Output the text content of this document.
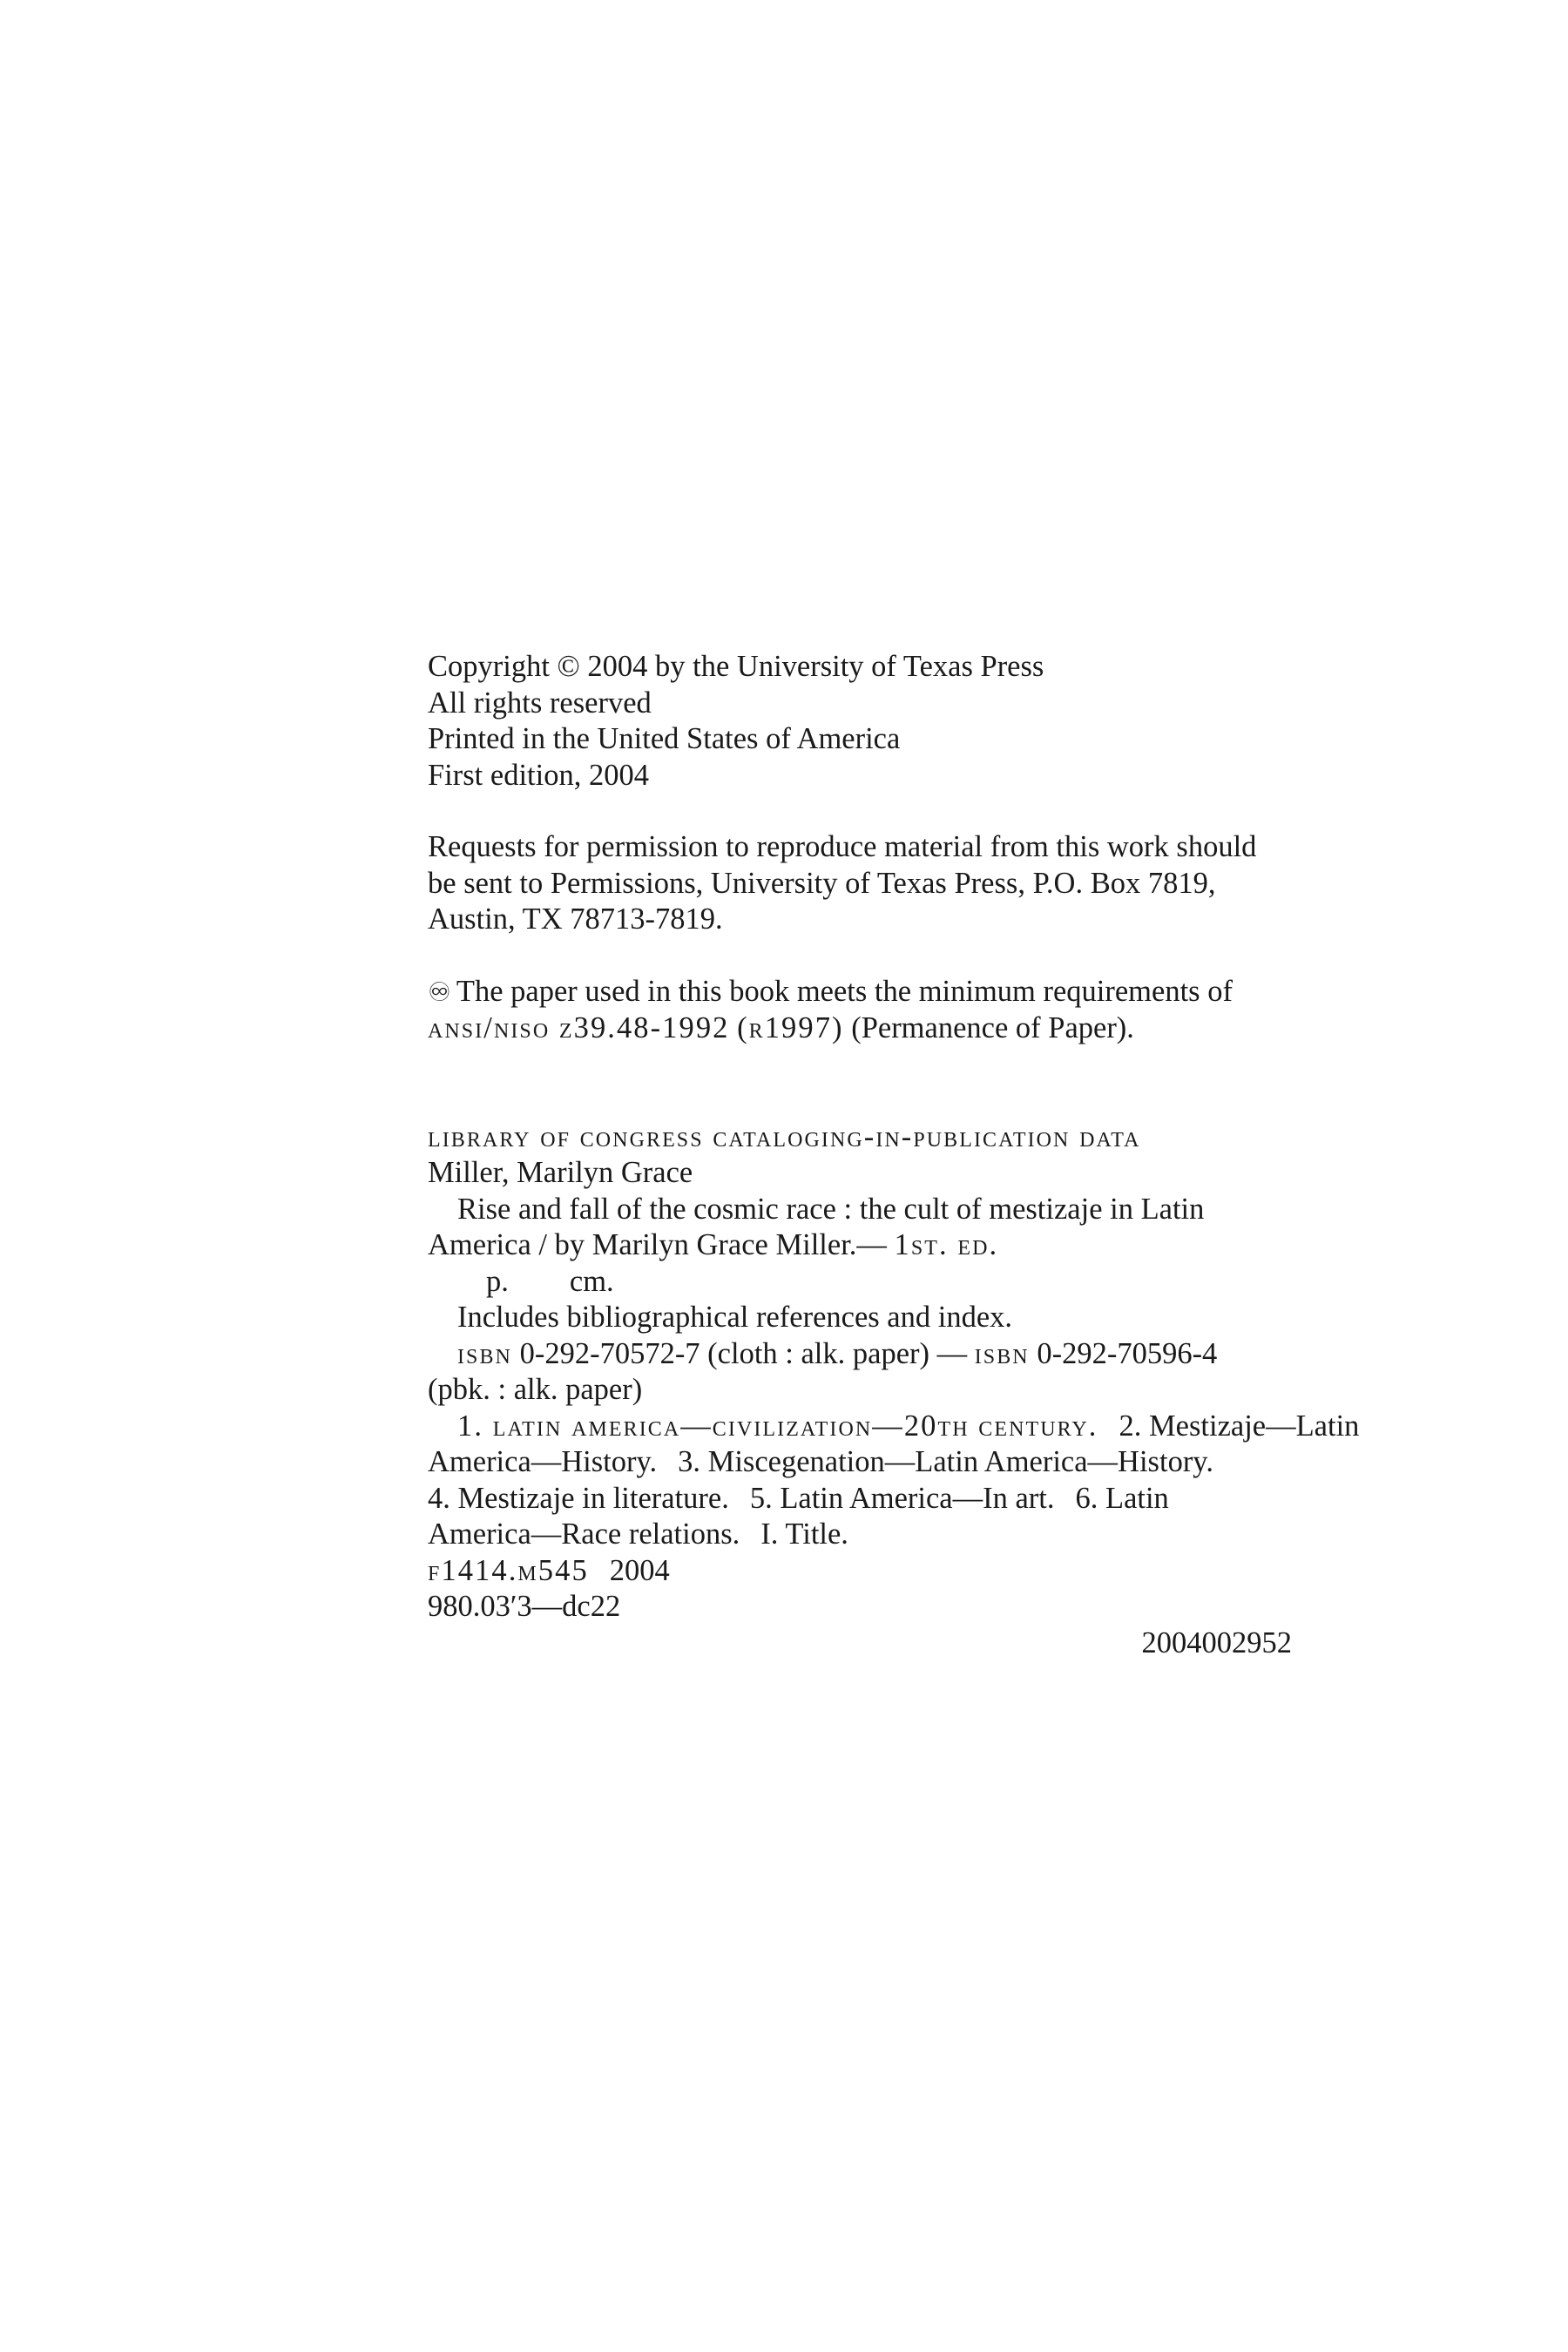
Copyright © 2004 by the University of Texas Press
All rights reserved
Printed in the United States of America
First edition, 2004
Requests for permission to reproduce material from this work should
be sent to Permissions, University of Texas Press, P.O. Box 7819,
Austin, TX 78713-7819.
♾ The paper used in this book meets the minimum requirements of
ansi/niso z39.48-1992 (r1997) (Permanence of Paper).
library of congress cataloging-in-publication data
Miller, Marilyn Grace
Rise and fall of the cosmic race : the cult of mestizaje in Latin
America / by Marilyn Grace Miller.— 1st. ed.
p. cm.
Includes bibliographical references and index.
isbn 0-292-70572-7 (cloth : alk. paper) — isbn 0-292-70596-4
(pbk. : alk. paper)
1. latin america—civilization—20th century. 2. Mestizaje—Latin
America—History. 3. Miscegenation—Latin America—History.
4. Mestizaje in literature. 5. Latin America—In art. 6. Latin
America—Race relations. I. Title.
f1414.m545 2004
980.03′3—dc22
2004002952
